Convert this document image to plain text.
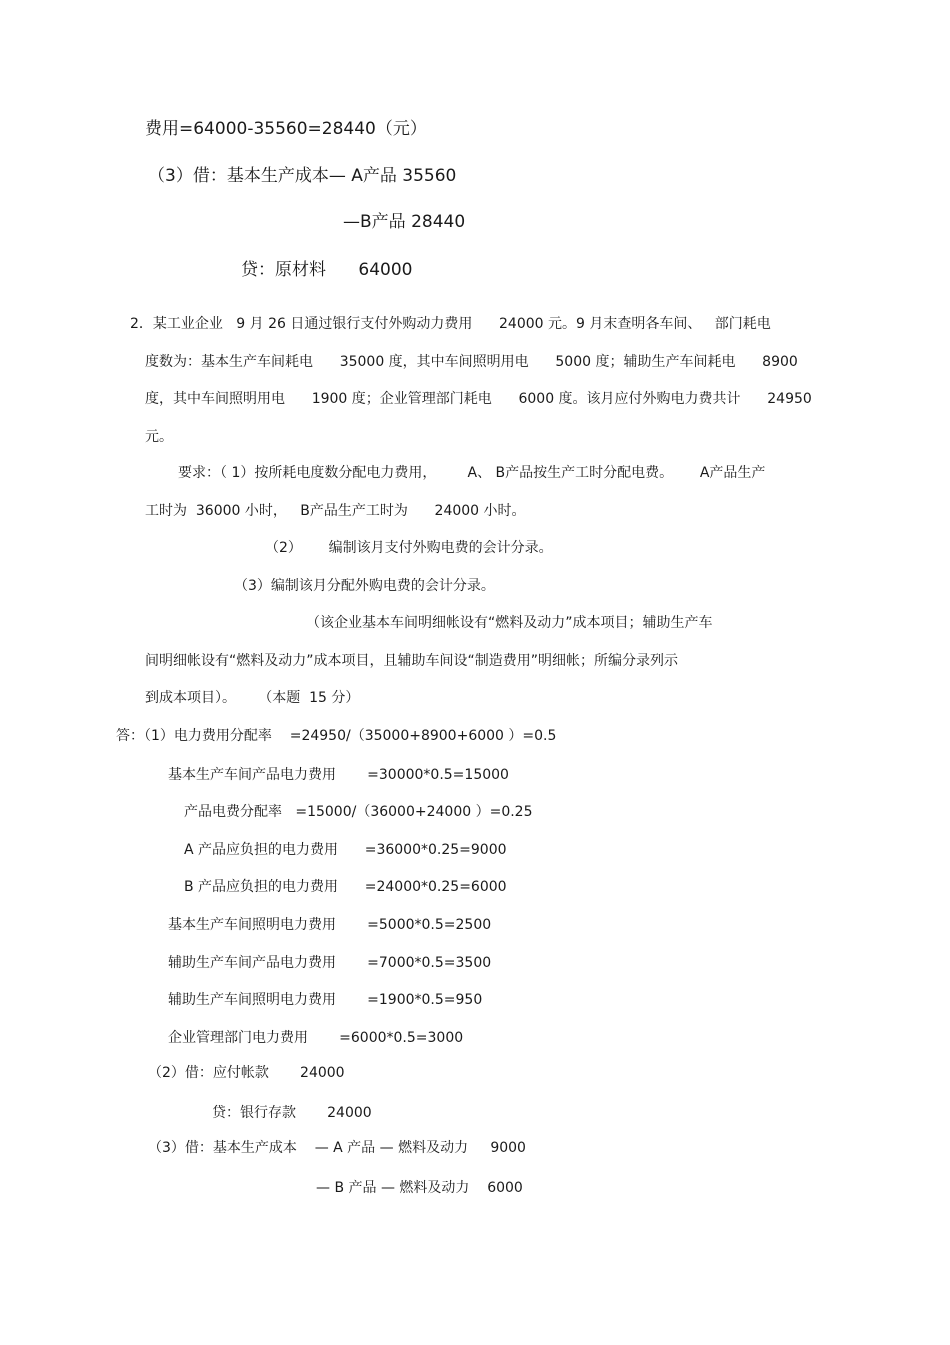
费用=64000-35560=28440（元）
（3）借：基本生产成本— A产品 35560
—B产品 28440
贷：原材料      64000
2．某工业企业   9 月 26 日通过银行支付外购动力费用      24000 元。9 月末查明各车间、   部门耗电
度数为：基本生产车间耗电      35000 度，其中车间照明用电      5000 度；辅助生产车间耗电      8900
度，其中车间照明用电      1900 度；企业管理部门耗电      6000 度。该月应付外购电力费共计      24950
元。
要求：（ 1）按所耗电度数分配电力费用，       A、 B产品按生产工时分配电费。      A产品生产
工时为  36000 小时，   B产品生产工时为      24000 小时。
（2）      编制该月支付外购电费的会计分录。
（3）编制该月分配外购电费的会计分录。
（该企业基本车间明细帐设有“燃料及动力”成本项目；辅助生产车
间明细帐设有“燃料及动力”成本项目，且辅助车间设“制造费用”明细帐；所编分录列示
到成本项目）。     （本题  15 分）
答：（1）电力费用分配率    =24950/（35000+8900+6000 ）=0.5
基本生产车间产品电力费用       =30000*0.5=15000
产品电费分配率   =15000/（36000+24000 ）=0.25
A 产品应负担的电力费用      =36000*0.25=9000
B 产品应负担的电力费用      =24000*0.25=6000
基本生产车间照明电力费用       =5000*0.5=2500
辅助生产车间产品电力费用       =7000*0.5=3500
辅助生产车间照明电力费用       =1900*0.5=950
企业管理部门电力费用       =6000*0.5=3000
（2）借：应付帐款       24000
贷：银行存款       24000
（3）借：基本生产成本    — A 产品 — 燃料及动力     9000
— B 产品 — 燃料及动力    6000
